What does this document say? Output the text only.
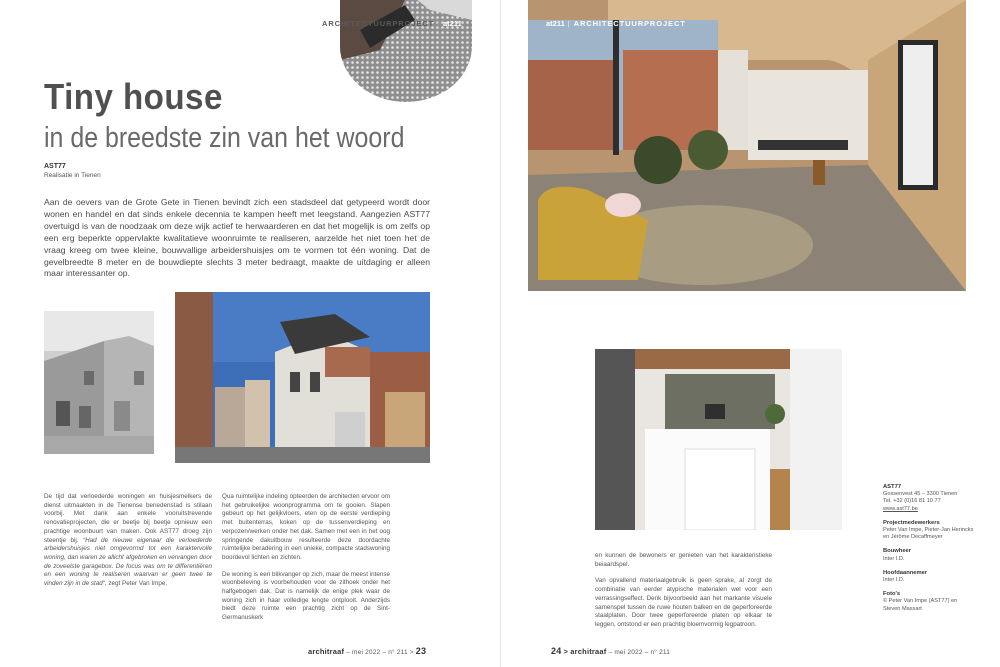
ARCHITECTUURPROJECT | at211
Tiny house
in de breedste zin van het woord
AST77
Realisatie in Tienen
Aan de oevers van de Grote Gete in Tienen bevindt zich een stadsdeel dat getypeerd wordt door wonen en handel en dat sinds enkele decennia te kampen heeft met leegstand. Aangezien AST77 overtuigd is van de noodzaak om deze wijk actief te herwaarderen en dat het mogelijk is om zelfs op een erg beperkte oppervlakte kwalitatieve woonruimte te realiseren, aarzelde het niet toen het de vraag kreeg om twee kleine, bouwvallige arbeidershuisjes om te vormen tot één woning. Dat de gevelbreedte 8 meter en de bouwdiepte slechts 3 meter bedraagt, maakte de uitdaging er alleen maar interessanter op.

De tijd dat verloederde woningen en huisjesmelkers de dienst uitmaakten in de Tienense benedenstad is stilaan voorbij. Met dank aan enkele vooruitstrevende renovatieprojecten, die er beetje bij beetje opnieuw een prachtige woonbuurt van maken. Ook AST77 droeg zijn steentje bij. “Had de nieuwe eigenaar die verloederde arbeidershuisjes niet omgevormd tot een karaktervolle woning, dan waren ze allicht afgebroken en vervangen door de zoveelste garagebox. De focus was om te differentiëren en een woning te realiseren waarvan er geen twee te vinden zijn in de stad”, zegt Peter Van Impe.

Qua ruimtelijke indeling opteerden de architecten ervoor om het gebruikelijke woonprogramma om te gooien. Slapen gebeurt op het gelijkvloers, eten op de eerste verdieping met buitenterras, koken op de tussenverdieping en verpozen/werken onder het dak. Samen met een in het oog springende dakuitbouw resulteerde deze doordachte ruimtelijke beradering in een unieke, compacte stadswoning boordevol lichten en zichten.

De woning is een blikvanger op zich, maar de meest intense woonbeleving is voorbehouden voor de zithoek onder het halfgebogen dak. Dat is namelijk de enige plek waar de woning zich in haar volledige lengte ontplooit. Anderzijds biedt deze ruimte een prachtig zicht op de Sint-Germanuskerk

architraaf – mei 2022 – n° 211 > 23
at211 | ARCHITECTUURPROJECT

en kunnen de bewoners er genieten van het karakteristieke beiaardspel.

Van opvallend materiaalgebruik is geen sprake, al zorgt de combinatie van eerder atypische materialen wel voor een verrassingseffect. Denk bijvoorbeeld aan het markante visuele samenspel tussen de ruwe houten balken en de geperforeerde staalplaten. Door twee geperforeerde platen op elkaar te leggen, ontstond er een prachtig bloemvormig legpatroon.

AST77
Gossenvest 45 – 3300 Tienen
Tel. +32 (0)16 81 10 77
www.ast77.be
Projectmedewerkers
Peter Van Impe, Pieter-Jan Herinckx
en Jérôme Decaffmeyer
Bouwheer
Inter I.D.
Hoofdaannemer
Inter I.D.
Foto's
© Peter Van Impe (AST77) en
Steven Massart
24 > architraaf – mei 2022 – n° 211
